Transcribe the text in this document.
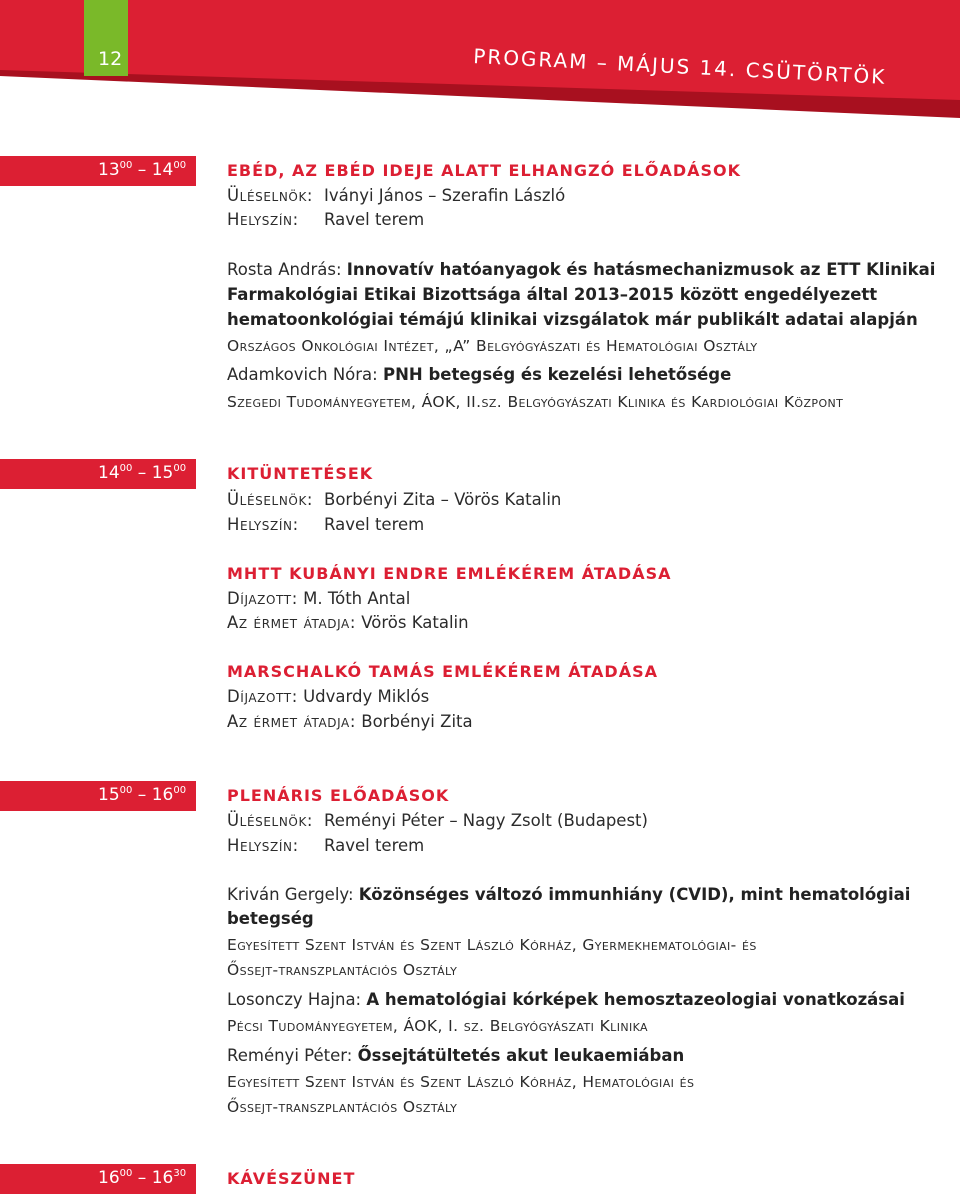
12	PROGRAM – MÁJUS 14. CSÜTÖRTÖK
$13^{00} - 14^{00}$	EBÉD, AZ EBÉD IDEJE ALATT ELHANGZÓ ELŐADÁSOK
Üléselnök: Iványi János – Szerafin László
Helyszín: Ravel terem
Rosta András: Innovatív hatóanyagok és hatásmechanizmusok az ETT Klinikai
Farmakológiai Etikai Bizottsága által 2013–2015 között engedélyezett
hematoonkológiai témájú klinikai vizsgálatok már publikált adatai alapján
Országos Onkológiai Intézet, „A” Belgyógyászati és Hematológiai Osztály
Adamkovich Nóra: PNH betegség és kezelési lehetősége
Szegedi Tudományegyetem, ÁOK, II.sz. Belgyógyászati Klinika és Kardiológiai Központ
$14^{00} - 15^{00}$	KITÜNTETÉSEK
Üléselnök: Borbényi Zita – Vörös Katalin
Helyszín: Ravel terem
MHTT KUBÁNYI ENDRE EMLÉKÉREM ÁTADÁSA
Díjazott: M. Tóth Antal
Az érmet átadja: Vörös Katalin
MARSCHALKÓ TAMÁS EMLÉKÉREM ÁTADÁSA
Díjazott: Udvardy Miklós
Az érmet átadja: Borbényi Zita
$15^{00} - 16^{00}$	PLENÁRIS ELŐADÁSOK
Üléselnök: Reményi Péter – Nagy Zsolt (Budapest)
Helyszín: Ravel terem
Kriván Gergely: Közönséges változó immunhiány (CVID), mint hematológiai
betegség
Egyesített Szent István és Szent László Kórház, Gyermekhematológiai- és
Őssejt-transzplantációs Osztály
Losonczy Hajna: A hematológiai kórképek hemosztazeologiai vonatkozásai
Pécsi Tudományegyetem, ÁOK, I. sz. Belgyógyászati Klinika
Reményi Péter: Őssejtátültetés akut leukaemiában
Egyesített Szent István és Szent László Kórház, Hematológiai és
Őssejt-transzplantációs Osztály
$16^{00} - 16^{30}$	KÁVÉSZÜNET
